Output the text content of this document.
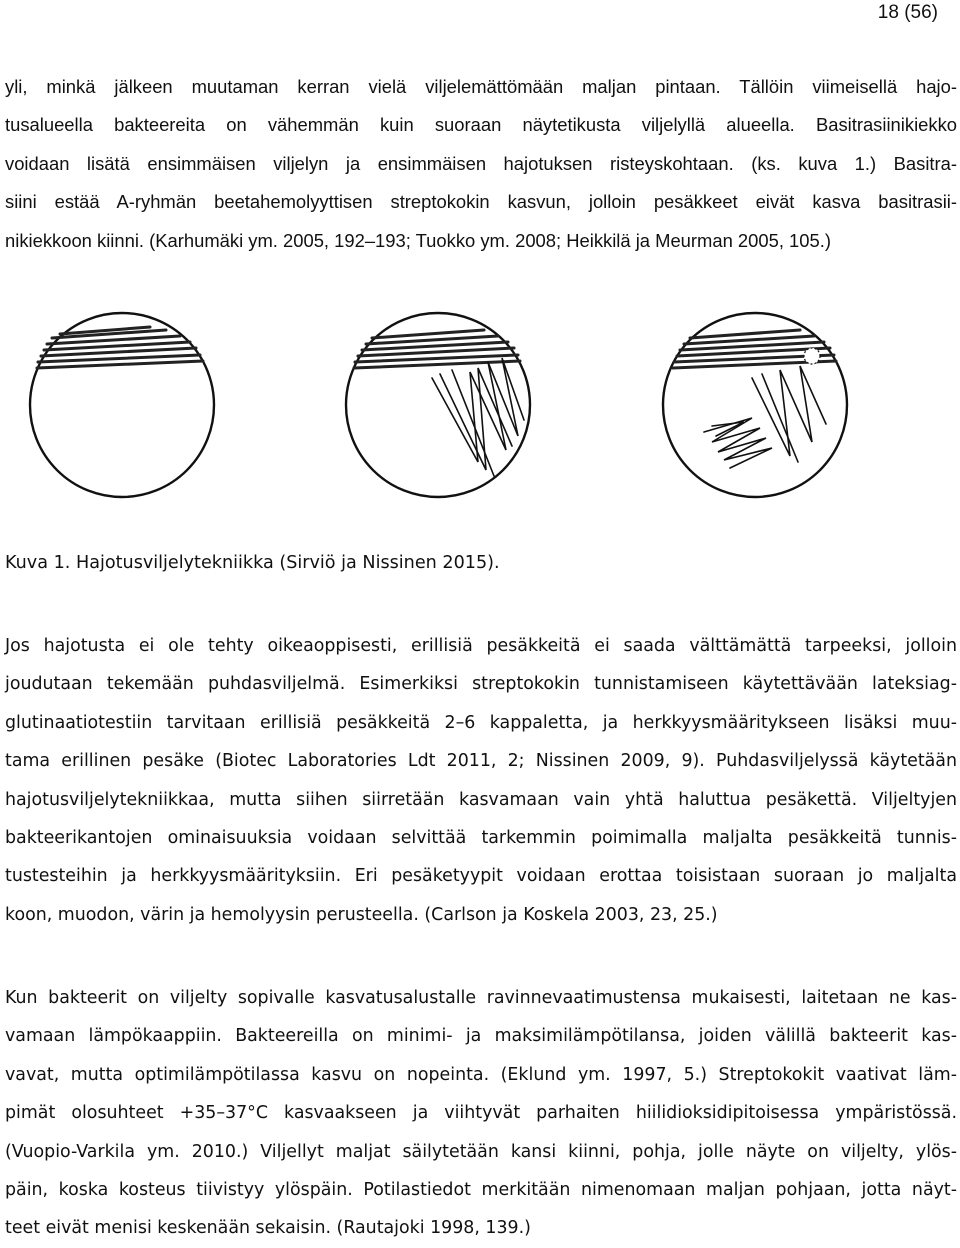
18 (56)
yli, minkä jälkeen muutaman kerran vielä viljelemättömään maljan pintaan. Tällöin viimeisellä hajo-
tusalueella bakteereita on vähemmän kuin suoraan näytetikusta viljelyllä alueella. Basitrasiinikiekko
voidaan lisätä ensimmäisen viljelyn ja ensimmäisen hajotuksen risteyskohtaan. (ks. kuva 1.) Basitra-
siini estää A-ryhmän beetahemolyyttisen streptokokin kasvun, jolloin pesäkkeet eivät kasva basitrasii-
nikiekkoon kiinni. (Karhumäki ym. 2005, 192–193; Tuokko ym. 2008; Heikkilä ja Meurman 2005, 105.)
Kuva 1. Hajotusviljelytekniikka (Sirviö ja Nissinen 2015).
Jos hajotusta ei ole tehty oikeaoppisesti, erillisiä pesäkkeitä ei saada välttämättä tarpeeksi, jolloin
joudutaan tekemään puhdasviljelmä. Esimerkiksi streptokokin tunnistamiseen käytettävään lateksiag-
glutinaatiotestiin tarvitaan erillisiä pesäkkeitä 2–6 kappaletta, ja herkkyysmääritykseen lisäksi muu-
tama erillinen pesäke (Biotec Laboratories Ldt 2011, 2; Nissinen 2009, 9). Puhdasviljelyssä käytetään
hajotusviljelytekniikkaa, mutta siihen siirretään kasvamaan vain yhtä haluttua pesäkettä. Viljeltyjen
bakteerikantojen ominaisuuksia voidaan selvittää tarkemmin poimimalla maljalta pesäkkeitä tunnis-
tustesteihin ja herkkyysmäärityksiin. Eri pesäketyypit voidaan erottaa toisistaan suoraan jo maljalta
koon, muodon, värin ja hemolyysin perusteella. (Carlson ja Koskela 2003, 23, 25.)
Kun bakteerit on viljelty sopivalle kasvatusalustalle ravinnevaatimustensa mukaisesti, laitetaan ne kas-
vamaan lämpökaappiin. Bakteereilla on minimi- ja maksimilämpötilansa, joiden välillä bakteerit kas-
vavat, mutta optimilämpötilassa kasvu on nopeinta. (Eklund ym. 1997, 5.) Streptokokit vaativat läm-
pimät olosuhteet +35–37°C kasvaakseen ja viihtyvät parhaiten hiilidioksidipitoisessa ympäristössä.
(Vuopio-Varkila ym. 2010.) Viljellyt maljat säilytetään kansi kiinni, pohja, jolle näyte on viljelty, ylös-
päin, koska kosteus tiivistyy ylöspäin. Potilastiedot merkitään nimenomaan maljan pohjaan, jotta näyt-
teet eivät menisi keskenään sekaisin. (Rautajoki 1998, 139.)
